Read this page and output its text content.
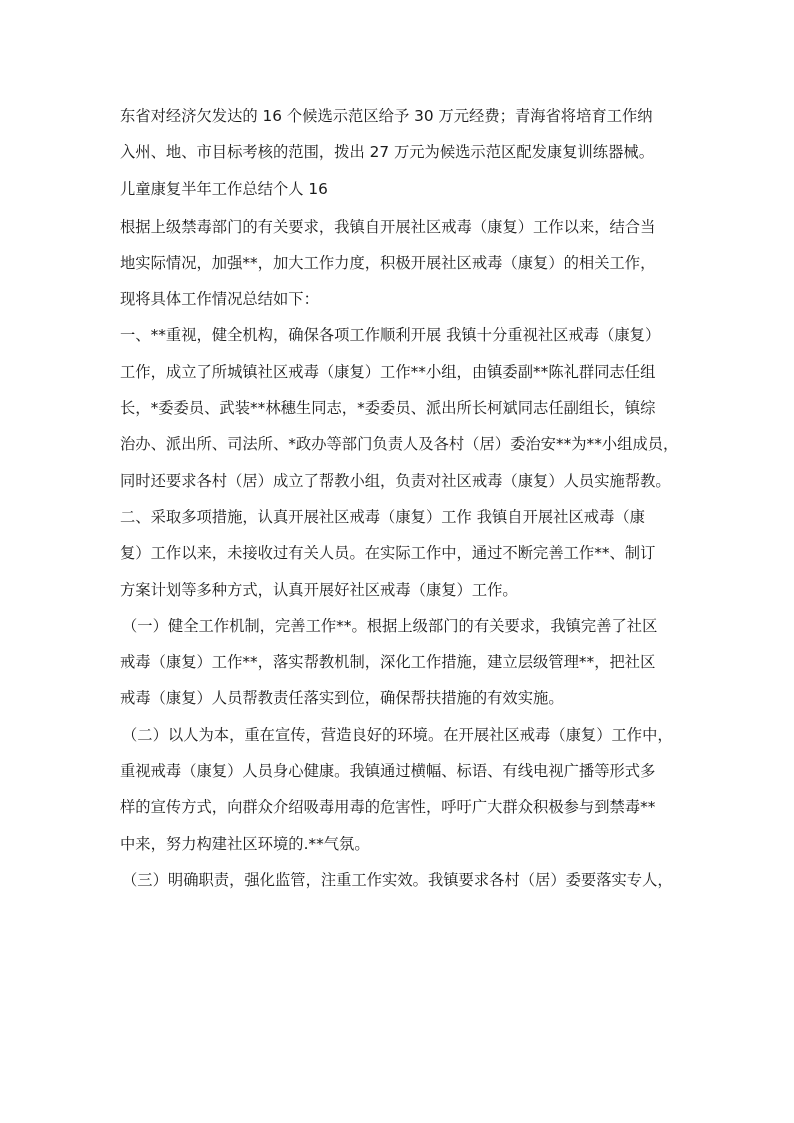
东省对经济欠发达的 16 个候选示范区给予 30 万元经费；青海省将培育工作纳
入州、地、市目标考核的范围，拨出 27 万元为候选示范区配发康复训练器械。
儿童康复半年工作总结个人 16
根据上级禁毒部门的有关要求，我镇自开展社区戒毒（康复）工作以来，结合当
地实际情况，加强**，加大工作力度，积极开展社区戒毒（康复）的相关工作，
现将具体工作情况总结如下：
一、**重视，健全机构，确保各项工作顺利开展 我镇十分重视社区戒毒（康复）
工作，成立了所城镇社区戒毒（康复）工作**小组，由镇委副**陈礼群同志任组
长，*委委员、武装**林穗生同志，*委委员、派出所长柯斌同志任副组长，镇综
治办、派出所、司法所、*政办等部门负责人及各村（居）委治安**为**小组成员，
同时还要求各村（居）成立了帮教小组，负责对社区戒毒（康复）人员实施帮教。
二、采取多项措施，认真开展社区戒毒（康复）工作 我镇自开展社区戒毒（康
复）工作以来，未接收过有关人员。在实际工作中，通过不断完善工作**、制订
方案计划等多种方式，认真开展好社区戒毒（康复）工作。
（一）健全工作机制，完善工作**。根据上级部门的有关要求，我镇完善了社区
戒毒（康复）工作**，落实帮教机制，深化工作措施，建立层级管理**，把社区
戒毒（康复）人员帮教责任落实到位，确保帮扶措施的有效实施。
（二）以人为本，重在宣传，营造良好的环境。在开展社区戒毒（康复）工作中，
重视戒毒（康复）人员身心健康。我镇通过横幅、标语、有线电视广播等形式多
样的宣传方式，向群众介绍吸毒用毒的危害性，呼吁广大群众积极参与到禁毒**
中来，努力构建社区环境的.**气氛。
（三）明确职责，强化监管，注重工作实效。我镇要求各村（居）委要落实专人，
